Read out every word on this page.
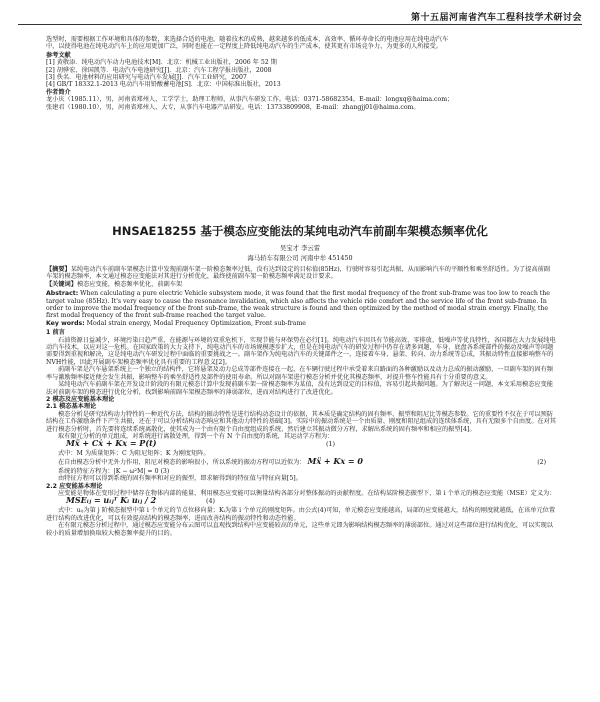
第十五届河南省汽车工程科技学术研讨会

选型时，需要根据工作环境和具体的参数，来选择合适的电池，随着技术的成熟，越来越多的低成本、高效率、循环寿命长的电池应用在纯电动汽车

中，以使得电池在纯电动汽车上的应用更加广泛，同时也能在一定程度上降低纯电动汽车的生产成本，使其更有市场竞争力，为更多的人所接受。

参考文献

[1] 黄敬添．纯电动汽车动力电池技术[M]．北京：机械工业出版社，2006 年 52 期

[2] 胡骅宏，徐国凯等．电动汽车电池研究[J]．北京：汽车工程学报出版社，2008

[3] 佚名．电池材料的应用研究与电动汽车发展[J]．汽车工业研究，2007

[4] GB/T 18332.1-2013 电动汽车用铅酸蓄电池[S]．北京：中国标准出版社，2013

作者简介

龙小庆（1985.11），男，河南省郑州人，工学学士，助理工程师，从事汽车研发工作。电话：0371-58682354，E-mail：longxq@haima.com；

张建君（1980.10），男，河南省郑州人，大专，从事汽车电器产品研发。电话：13733809908，E-mail：zhangjj01@haima.com。

HNSAE18255 基于模态应变能法的某纯电动汽车前副车架模态频率优化
吴宝才 李云雷
海马轿车有限公司 河南中牟 451450

【摘要】某纯电动汽车前副车架模态计算中发现前副车架一阶模态频率过低，没有达到设定的目标值(85Hz)，行驶时容易引起共振，从而影响汽车的平顺性和乘坐舒适性。为了提高前副车架的模态频率，本文通过模态应变能法对其进行分析优化，最终使前副车架一阶模态频率满足设计要求。

【关键词】模态应变能，模态频率优化，前副车架

Abstract: When calculating a pure electric Vehicle subsystem mode, it was found that the first modal frequency of the front sub-frame was too low to reach the target value (85Hz). It's very easy to cause the resonance invalidation, which also affects the vehicle ride comfort and the service life of the front sub-frame. In order to improve the modal frequency of the front sub-frame, the weak structure is found and then optimized by the method of modal strain energy. Finally, the first modal frequency of the front sub-frame reached the target value.

Key words: Modal strain energy, Modal Frequency Optimization, Front sub-frame

1 前言

石油资源日益减少，环境污染日趋严重，在能源与环境的双重危机下，实现节能与环保势在必行[1]。纯电动汽车因具有节能高效、零排放、低噪声等优良特性，各国都在大力发展纯电动汽车技术，以应对这一危机。在国家政策的大力支持下，纯电动汽车的市场规模逐步扩大，但是在纯电动汽车的研发过程中仍存在诸多问题，车身、底盘各系统部件的振动及噪声等问题需要得到重视和解决，这是纯电动汽车研发过程中面临的重要挑战之一。副车架作为纯电动汽车的关键部件之一，连接着车身、悬架、转向、动力系统等总成，其振动特性直接影响整车的NVH性能，因此开展副车架模态频率优化具有重要的工程意义[2]。

前副车架是汽车悬架系统上一个独立的结构件，它将悬架及动力总成等部件连接在一起，在车辆行驶过程中承受着来自路面的各种激励以及动力总成的振动激励，一旦副车架的固有频率与激励频率接近便会发生共振，影响整车的乘坐舒适性及部件的使用寿命。所以对副车架进行模态分析并优化其模态频率，对提升整车性能具有十分重要的意义。

某纯电动汽车前副车架在开发设计阶段的有限元模态计算中发现前副车架一阶模态频率为某值，没有达到设定的目标值，容易引起共振问题。为了解决这一问题，本文采用模态应变能法对前副车架的模态进行优化分析，找到影响前副车架模态频率的薄弱部位，进而对结构进行了改进优化。

2 模态及应变能基本理论

2.1 模态基本理论

模态分析是研究结构动力特性的一种近代方法，结构的振动特性是进行结构动态设计的依据，其本质是确定结构的固有频率、振型和阻尼比等模态参数。它的重要性不仅在于可以预防结构在工作激励条件下产生共振，还在于可以分析结构动态响应和其他动力特性的基础[3]。实际中的振动系统是一个由质量、刚度和阻尼组成的连续体系统，具有无限多个自由度。在对其进行模态分析时，首先要将连续系统离散化，使其成为一个由有限个自由度组成的系统，然后建立其振动微分方程，求解出系统的固有频率和相应的振型[4]。

取有限元分析的单元组成，对系统进行离散处理，得到一个有 N 个自由度的系统，其运动学方程为：

Mẍ + Cẋ + Kx = P(t)	(1)

式中：M 为质量矩阵；C 为阻尼矩阵；K 为刚度矩阵。

在自由模态分析中无外力作用，阻尼对模态的影响很小，所以系统的振动方程可以近似为： Mẍ + Kx = 0	(2)

系统的特征方程为：|K − ω²M| = 0 (3)

由特征方程可以得到系统的固有频率和对应的振型，即求解得到的特征值与特征向量[5]。

2.2 应变能基本理论

应变能是物体在变形过程中储存在物体内部的能量，利用模态应变能可以衡量结构各部分对整体振动的贡献程度。在结构某阶模态振型下，第 i 个单元的模态应变能（MSE）定义为：

MSEᵢⱼ = uᵢⱼᵀ Kᵢ uᵢⱼ / 2	(4)

式中：uᵢⱼ为第 j 阶模态振型中第 i 个单元的节点位移向量；Kᵢ为第 i 个单元的刚度矩阵。由公式(4)可知，单元模态应变能越高，局部的应变能越大，结构的刚度就越低，在该单元位置进行结构的改进优化，可以有效提高结构的模态频率，进而改善结构的振动特性和动态性能。

在有限元模态分析过程中，通过模态应变能分布云图可以直观找到结构中应变能较高的单元，这些单元即为影响结构模态频率的薄弱部位。通过对这些部位进行结构优化，可以实现以较小的质量增加换取较大模态频率提升的目的。
